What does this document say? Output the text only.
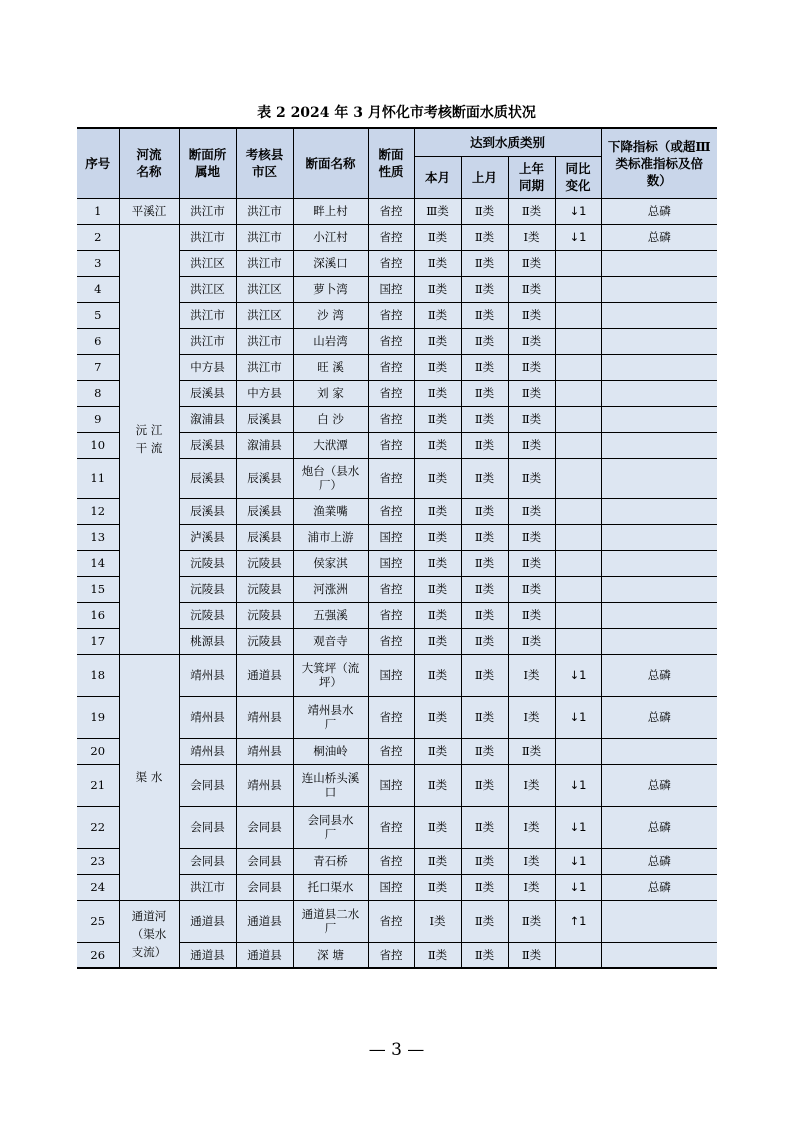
表 2 2024 年 3 月怀化市考核断面水质状况
序号	河流名称	断面所属地	考核县市区	断面名称	断面性质	达到水质类别				下降指标（或超Ⅲ类标准指标及倍数）
						本月	上月	上年同期	同比变化	
1	平溪江	洪江市	洪江市	畔上村	省控	Ⅲ类	Ⅱ类	Ⅱ类	↓1	总磷
2	沅 江 干 流	洪江市	洪江市	小江村	省控	Ⅱ类	Ⅱ类	Ⅰ类	↓1	总磷
3		洪江区	洪江市	深溪口	省控	Ⅱ类	Ⅱ类	Ⅱ类		
4		洪江区	洪江区	萝卜湾	国控	Ⅱ类	Ⅱ类	Ⅱ类		
5		洪江市	洪江区	沙 湾	省控	Ⅱ类	Ⅱ类	Ⅱ类		
6		洪江市	洪江市	山岩湾	省控	Ⅱ类	Ⅱ类	Ⅱ类		
7		中方县	洪江市	旺 溪	省控	Ⅱ类	Ⅱ类	Ⅱ类		
8		辰溪县	中方县	刘 家	省控	Ⅱ类	Ⅱ类	Ⅱ类		
9		溆浦县	辰溪县	白 沙	省控	Ⅱ类	Ⅱ类	Ⅱ类		
10		辰溪县	溆浦县	大洑潭	省控	Ⅱ类	Ⅱ类	Ⅱ类		
11		辰溪县	辰溪县	炮台（县水厂）	省控	Ⅱ类	Ⅱ类	Ⅱ类		
12		辰溪县	辰溪县	渔業嘴	省控	Ⅱ类	Ⅱ类	Ⅱ类		
13		泸溪县	辰溪县	浦市上游	国控	Ⅱ类	Ⅱ类	Ⅱ类		
14		沅陵县	沅陵县	侯家淇	国控	Ⅱ类	Ⅱ类	Ⅱ类		
15		沅陵县	沅陵县	河涨洲	省控	Ⅱ类	Ⅱ类	Ⅱ类		
16		沅陵县	沅陵县	五强溪	省控	Ⅱ类	Ⅱ类	Ⅱ类		
17		桃源县	沅陵县	观音寺	省控	Ⅱ类	Ⅱ类	Ⅱ类		
18	渠 水	靖州县	通道县	大箕坪（流坪）	国控	Ⅱ类	Ⅱ类	Ⅰ类	↓1	总磷
19		靖州县	靖州县	靖州县水　厂	省控	Ⅱ类	Ⅱ类	Ⅰ类	↓1	总磷
20		靖州县	靖州县	桐油岭	省控	Ⅱ类	Ⅱ类	Ⅱ类		
21		会同县	靖州县	连山桥头溪口	国控	Ⅱ类	Ⅱ类	Ⅰ类	↓1	总磷
22		会同县	会同县	会同县水　厂	省控	Ⅱ类	Ⅱ类	Ⅰ类	↓1	总磷
23		会同县	会同县	青石桥	省控	Ⅱ类	Ⅱ类	Ⅰ类	↓1	总磷
24		洪江市	会同县	托口渠水	国控	Ⅱ类	Ⅱ类	Ⅰ类	↓1	总磷
25	通道河（渠水支流）	通道县	通道县	通道县二水厂	省控	Ⅰ类	Ⅱ类	Ⅱ类	↑1	
26		通道县	通道县	深 塘	省控	Ⅱ类	Ⅱ类	Ⅱ类		
— 3 —
